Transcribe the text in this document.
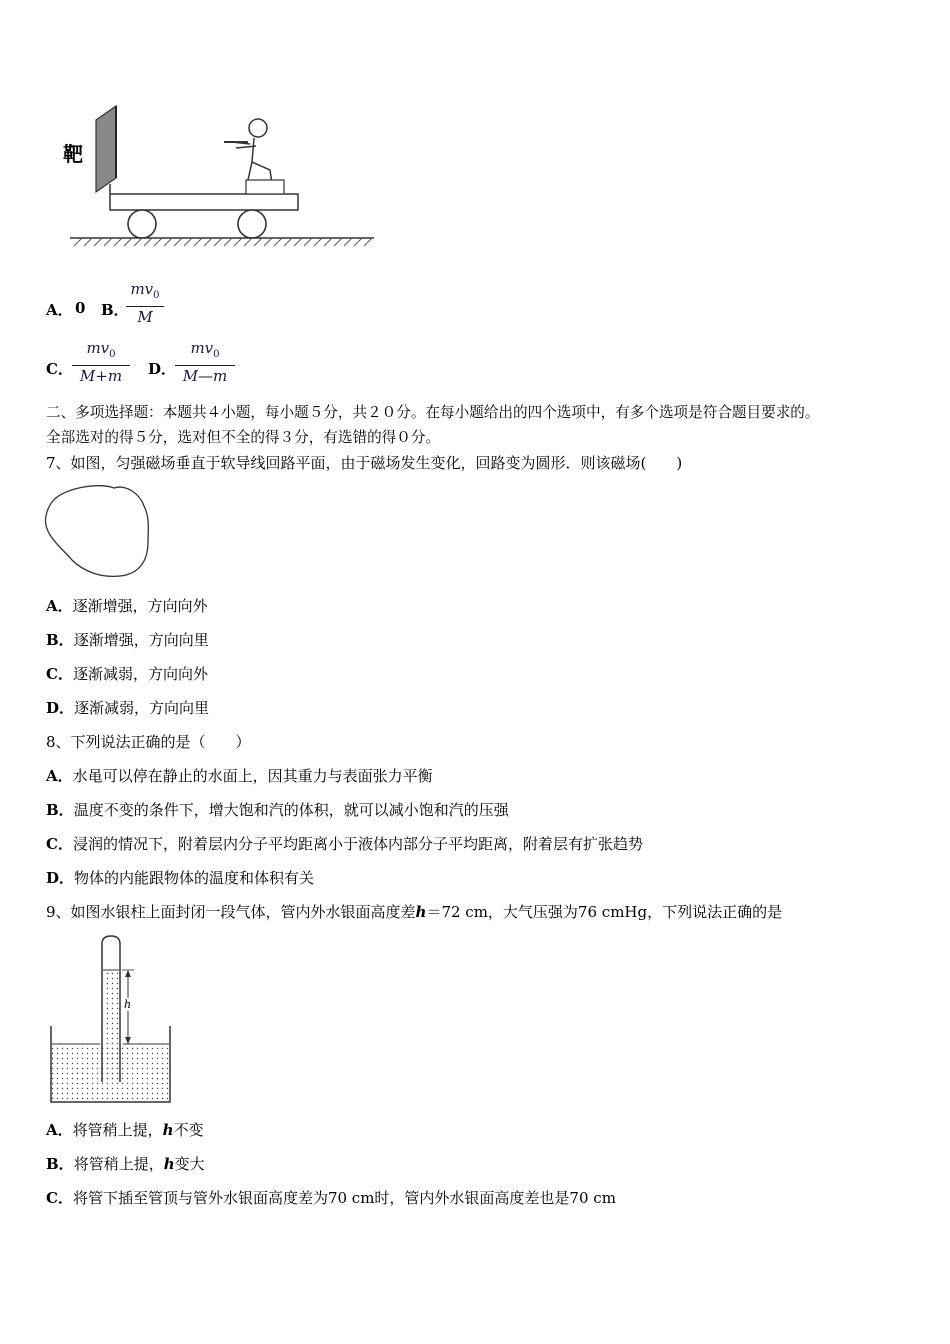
靶
A． 0 B．
$mv_0$
M
C．
$mv_0$
M+m	D．
$mv_0$
M—m
二、多项选择题：本题共４小题，每小题５分，共２０分。在每小题给出的四个选项中，有多个选项是符合题目要求的。
全部选对的得５分，选对但不全的得３分，有选错的得０分。
7、如图，匀强磁场垂直于软导线回路平面，由于磁场发生变化，回路变为圆形．则该磁场(　　)
A．逐渐增强，方向向外
B．逐渐增强，方向向里
C．逐渐减弱，方向向外
D．逐渐减弱，方向向里
8、下列说法正确的是（　　）
A．水黾可以停在静止的水面上，因其重力与表面张力平衡
B．温度不变的条件下，增大饱和汽的体积，就可以减小饱和汽的压强
C．浸润的情况下，附着层内分子平均距离小于液体内部分子平均距离，附着层有扩张趋势
D．物体的内能跟物体的温度和体积有关
9、如图水银柱上面封闭一段气体，管内外水银面高度差h＝72 cm，大气压强为76 cmHg，下列说法正确的是
h
A．将管稍上提，h不变
B．将管稍上提，h变大
C．将管下插至管顶与管外水银面高度差为70 cm时，管内外水银面高度差也是70 cm
